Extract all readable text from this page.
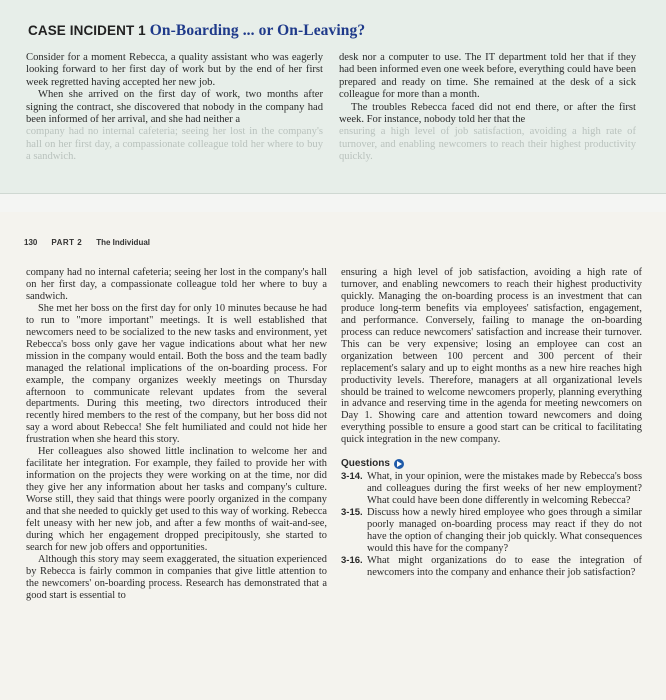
CASE INCIDENT 1 On-Boarding ... or On-Leaving?

Consider for a moment Rebecca, a quality assistant who was eagerly looking forward to her first day of work but by the end of her first week regretted having accepted her new job.

When she arrived on the first day of work, two months after signing the contract, she discovered that nobody in the company had been informed of her arrival, and she had neither a

company had no internal cafeteria; seeing her lost in the company's hall on her first day, a compassionate colleague told her where to buy a sandwich.

desk nor a computer to use. The IT department told her that if they had been informed even one week before, everything could have been prepared and ready on time. She remained at the desk of a sick colleague for more than a month.

The troubles Rebecca faced did not end there, or after the first week. For instance, nobody told her that the

ensuring a high level of job satisfaction, avoiding a high rate of turnover, and enabling newcomers to reach their highest productivity quickly.

130 PART 2 The Individual

company had no internal cafeteria; seeing her lost in the company's hall on her first day, a compassionate colleague told her where to buy a sandwich.

She met her boss on the first day for only 10 minutes because he had to run to "more important" meetings. It is well established that newcomers need to be socialized to the new tasks and environment, yet Rebecca's boss only gave her vague indications about what her new mission in the company would entail. Both the boss and the team badly managed the relational implications of the on-boarding process. For example, the company organizes weekly meetings on Thursday afternoon to communicate relevant updates from the several departments. During this meeting, two directors introduced their recently hired members to the rest of the company, but her boss did not say a word about Rebecca! She felt humiliated and could not hide her frustration when she heard this story.

Her colleagues also showed little inclination to welcome her and facilitate her integration. For example, they failed to provide her with information on the projects they were working on at the time, nor did they give her any information about her tasks and company's culture. Worse still, they said that things were poorly organized in the company and that she needed to quickly get used to this way of working. Rebecca felt uneasy with her new job, and after a few months of wait-and-see, during which her engagement dropped precipitously, she started to search for new job offers and opportunities.

Although this story may seem exaggerated, the situation experienced by Rebecca is fairly common in companies that give little attention to the newcomers' on-boarding process. Research has demonstrated that a good start is essential to

ensuring a high level of job satisfaction, avoiding a high rate of turnover, and enabling newcomers to reach their highest productivity quickly. Managing the on-boarding process is an investment that can produce long-term benefits via employees' satisfaction, engagement, and performance. Conversely, failing to manage the on-boarding process can reduce newcomers' satisfaction and increase their turnover. This can be very expensive; losing an employee can cost an organization between 100 percent and 300 percent of their replacement's salary and up to eight months as a new hire reaches high productivity levels. Therefore, managers at all organizational levels should be trained to welcome newcomers properly, planning everything in advance and reserving time in the agenda for meeting newcomers on Day 1. Showing care and attention toward newcomers and doing everything possible to ensure a good start can be critical to facilitating quick integration in the new company.

Questions
3-14. What, in your opinion, were the mistakes made by Rebecca's boss and colleagues during the first weeks of her new employment? What could have been done differently in welcoming Rebecca?
3-15. Discuss how a newly hired employee who goes through a similar poorly managed on-boarding process may react if they do not have the option of changing their job quickly. What consequences would this have for the company?
3-16. What might organizations do to ease the integration of newcomers into the company and enhance their job satisfaction?
